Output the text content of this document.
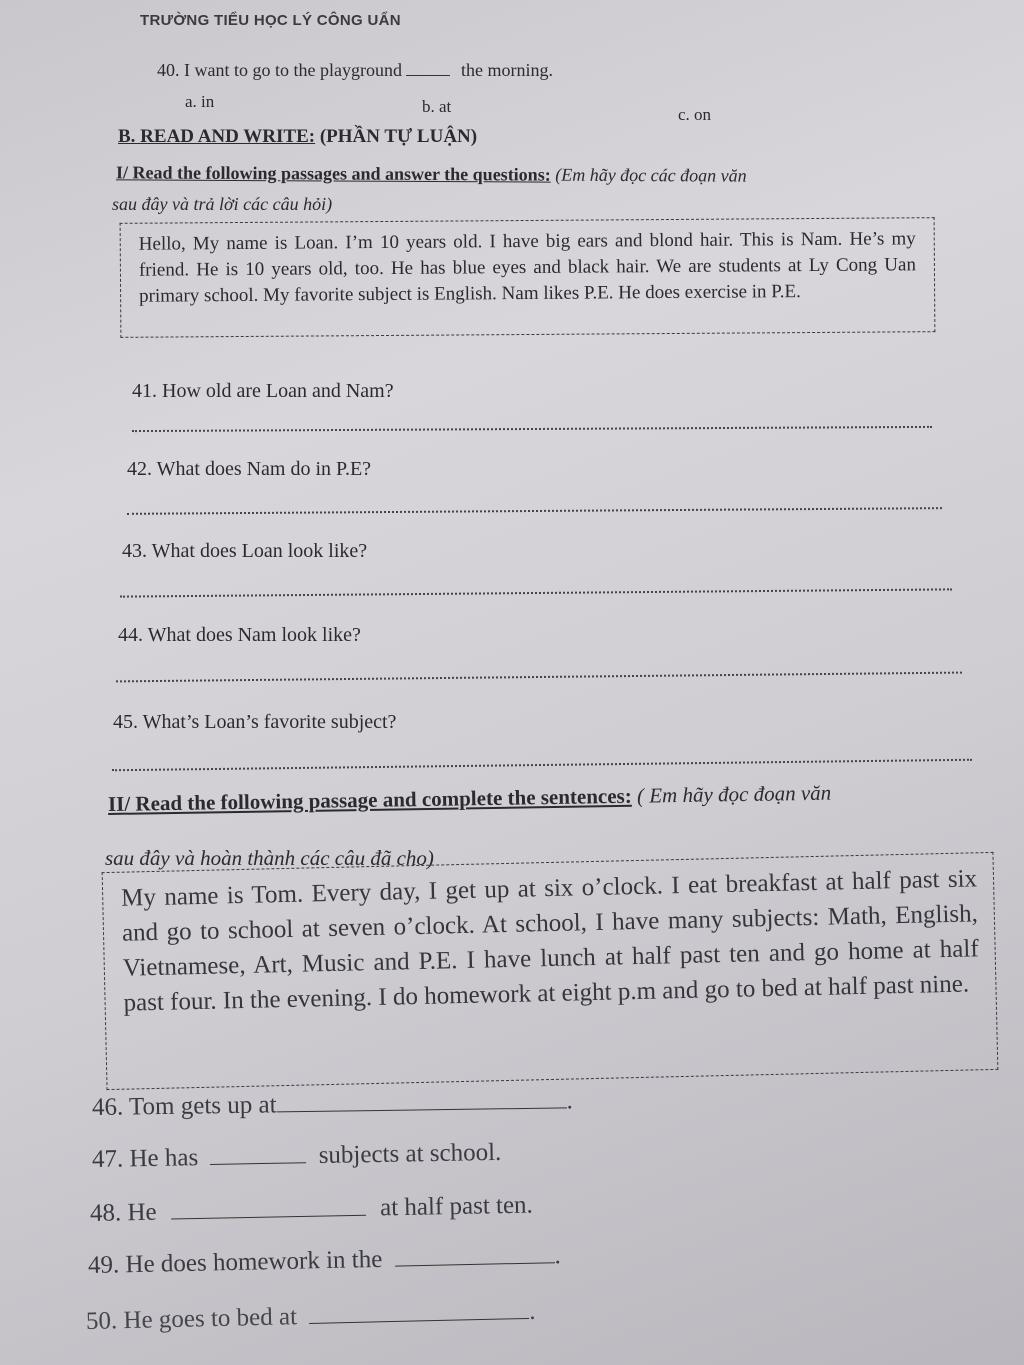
TRƯỜNG TIỂU HỌC LÝ CÔNG UẨN
40. I want to go to the playground	the morning.
a. in	b. at	c. on
B. READ AND WRITE: (PHẦN TỰ LUẬN)
I/ Read the following passages and answer the questions: (Em hãy đọc các đoạn văn
sau đây và trả lời các câu hỏi)
Hello, My name is Loan. I’m 10 years old. I have big ears and blond hair. This is Nam. He’s my friend. He is 10 years old, too. He has blue eyes and black hair. We are students at Ly Cong Uan primary school. My favorite subject is English. Nam likes P.E. He does exercise in P.E.
41. How old are Loan and Nam?
42. What does Nam do in P.E?
43. What does Loan look like?
44. What does Nam look like?
45. What’s Loan’s favorite subject?
II/ Read the following passage and complete the sentences: ( Em hãy đọc đoạn văn
sau đây và hoàn thành các câu đã cho)
My name is Tom. Every day, I get up at six o’clock. I eat breakfast at half past six and go to school at seven o’clock. At school, I have many subjects: Math, English, Vietnamese, Art, Music and P.E. I have lunch at half past ten and go home at half past four. In the evening. I do homework at eight p.m and go to bed at half past nine.
46. Tom gets up at	.
47. He has	subjects at school.
48. He	at half past ten.
49. He does homework in the	.
50. He goes to bed at	.
